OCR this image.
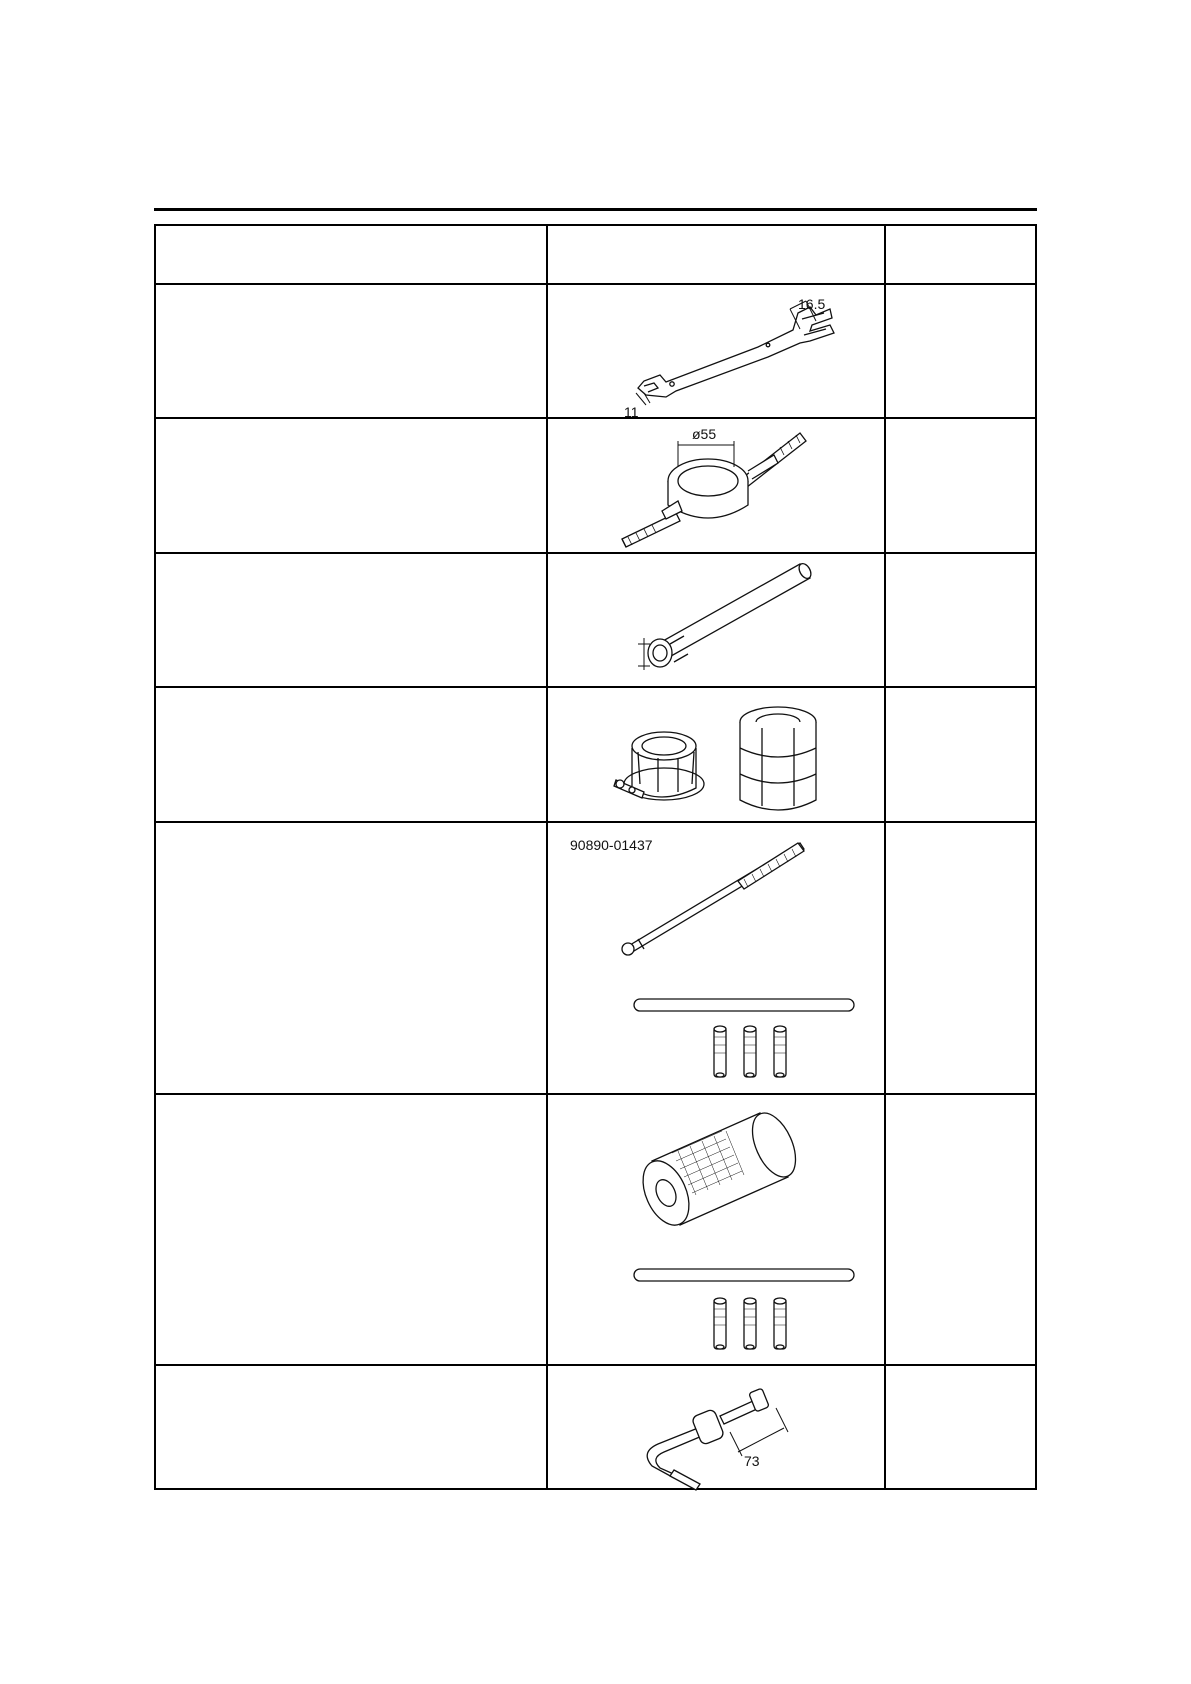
16.5
11
ø55
90890-01437
73
